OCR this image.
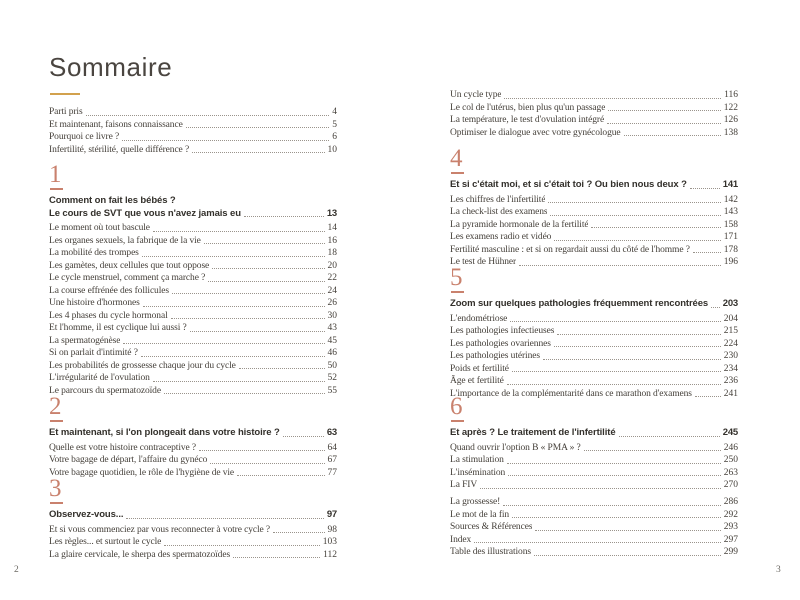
Sommaire
Parti pris	4
Et maintenant, faisons connaissance	5
Pourquoi ce livre ?	6
Infertilité, stérilité, quelle différence ?	10
1
Comment on fait les bébés ?
Le cours de SVT que vous n'avez jamais eu	13
Le moment où tout bascule	14
Les organes sexuels, la fabrique de la vie	16
La mobilité des trompes	18
Les gamètes, deux cellules que tout oppose	20
Le cycle menstruel, comment ça marche ?	22
La course effrénée des follicules	24
Une histoire d'hormones	26
Les 4 phases du cycle hormonal	30
Et l'homme, il est cyclique lui aussi ?	43
La spermatogénèse	45
Si on parlait d'intimité ?	46
Les probabilités de grossesse chaque jour du cycle	50
L'irrégularité de l'ovulation	52
Le parcours du spermatozoïde	55
2
Et maintenant, si l'on plongeait dans votre histoire ?	63
Quelle est votre histoire contraceptive ?	64
Votre bagage de départ, l'affaire du gynéco	67
Votre bagage quotidien, le rôle de l'hygiène de vie	77
3
Observez-vous...	97
Et si vous commenciez par vous reconnecter à votre cycle ?	98
Les règles... et surtout le cycle	103
La glaire cervicale, le sherpa des spermatozoïdes	112
Un cycle type	116
Le col de l'utérus, bien plus qu'un passage	122
La température, le test d'ovulation intégré	126
Optimiser le dialogue avec votre gynécologue	138
4
Et si c'était moi, et si c'était toi ? Ou bien nous deux ?	141
Les chiffres de l'infertilité	142
La check-list des examens	143
La pyramide hormonale de la fertilité	158
Les examens radio et vidéo	171
Fertilité masculine : et si on regardait aussi du côté de l'homme ?	178
Le test de Hühner	196
5
Zoom sur quelques pathologies fréquemment rencontrées 203
L'endométriose	204
Les pathologies infectieuses	215
Les pathologies ovariennes	224
Les pathologies utérines	230
Poids et fertilité	234
Âge et fertilité	236
L'importance de la complémentarité dans ce marathon d'examens	241
6
Et après ? Le traitement de l'infertilité	245
Quand ouvrir l'option B « PMA » ?	246
La stimulation	250
L'insémination	263
La FIV	270
La grossesse!	286
Le mot de la fin	292
Sources & Références	293
Index	297
Table des illustrations	299
2	3
